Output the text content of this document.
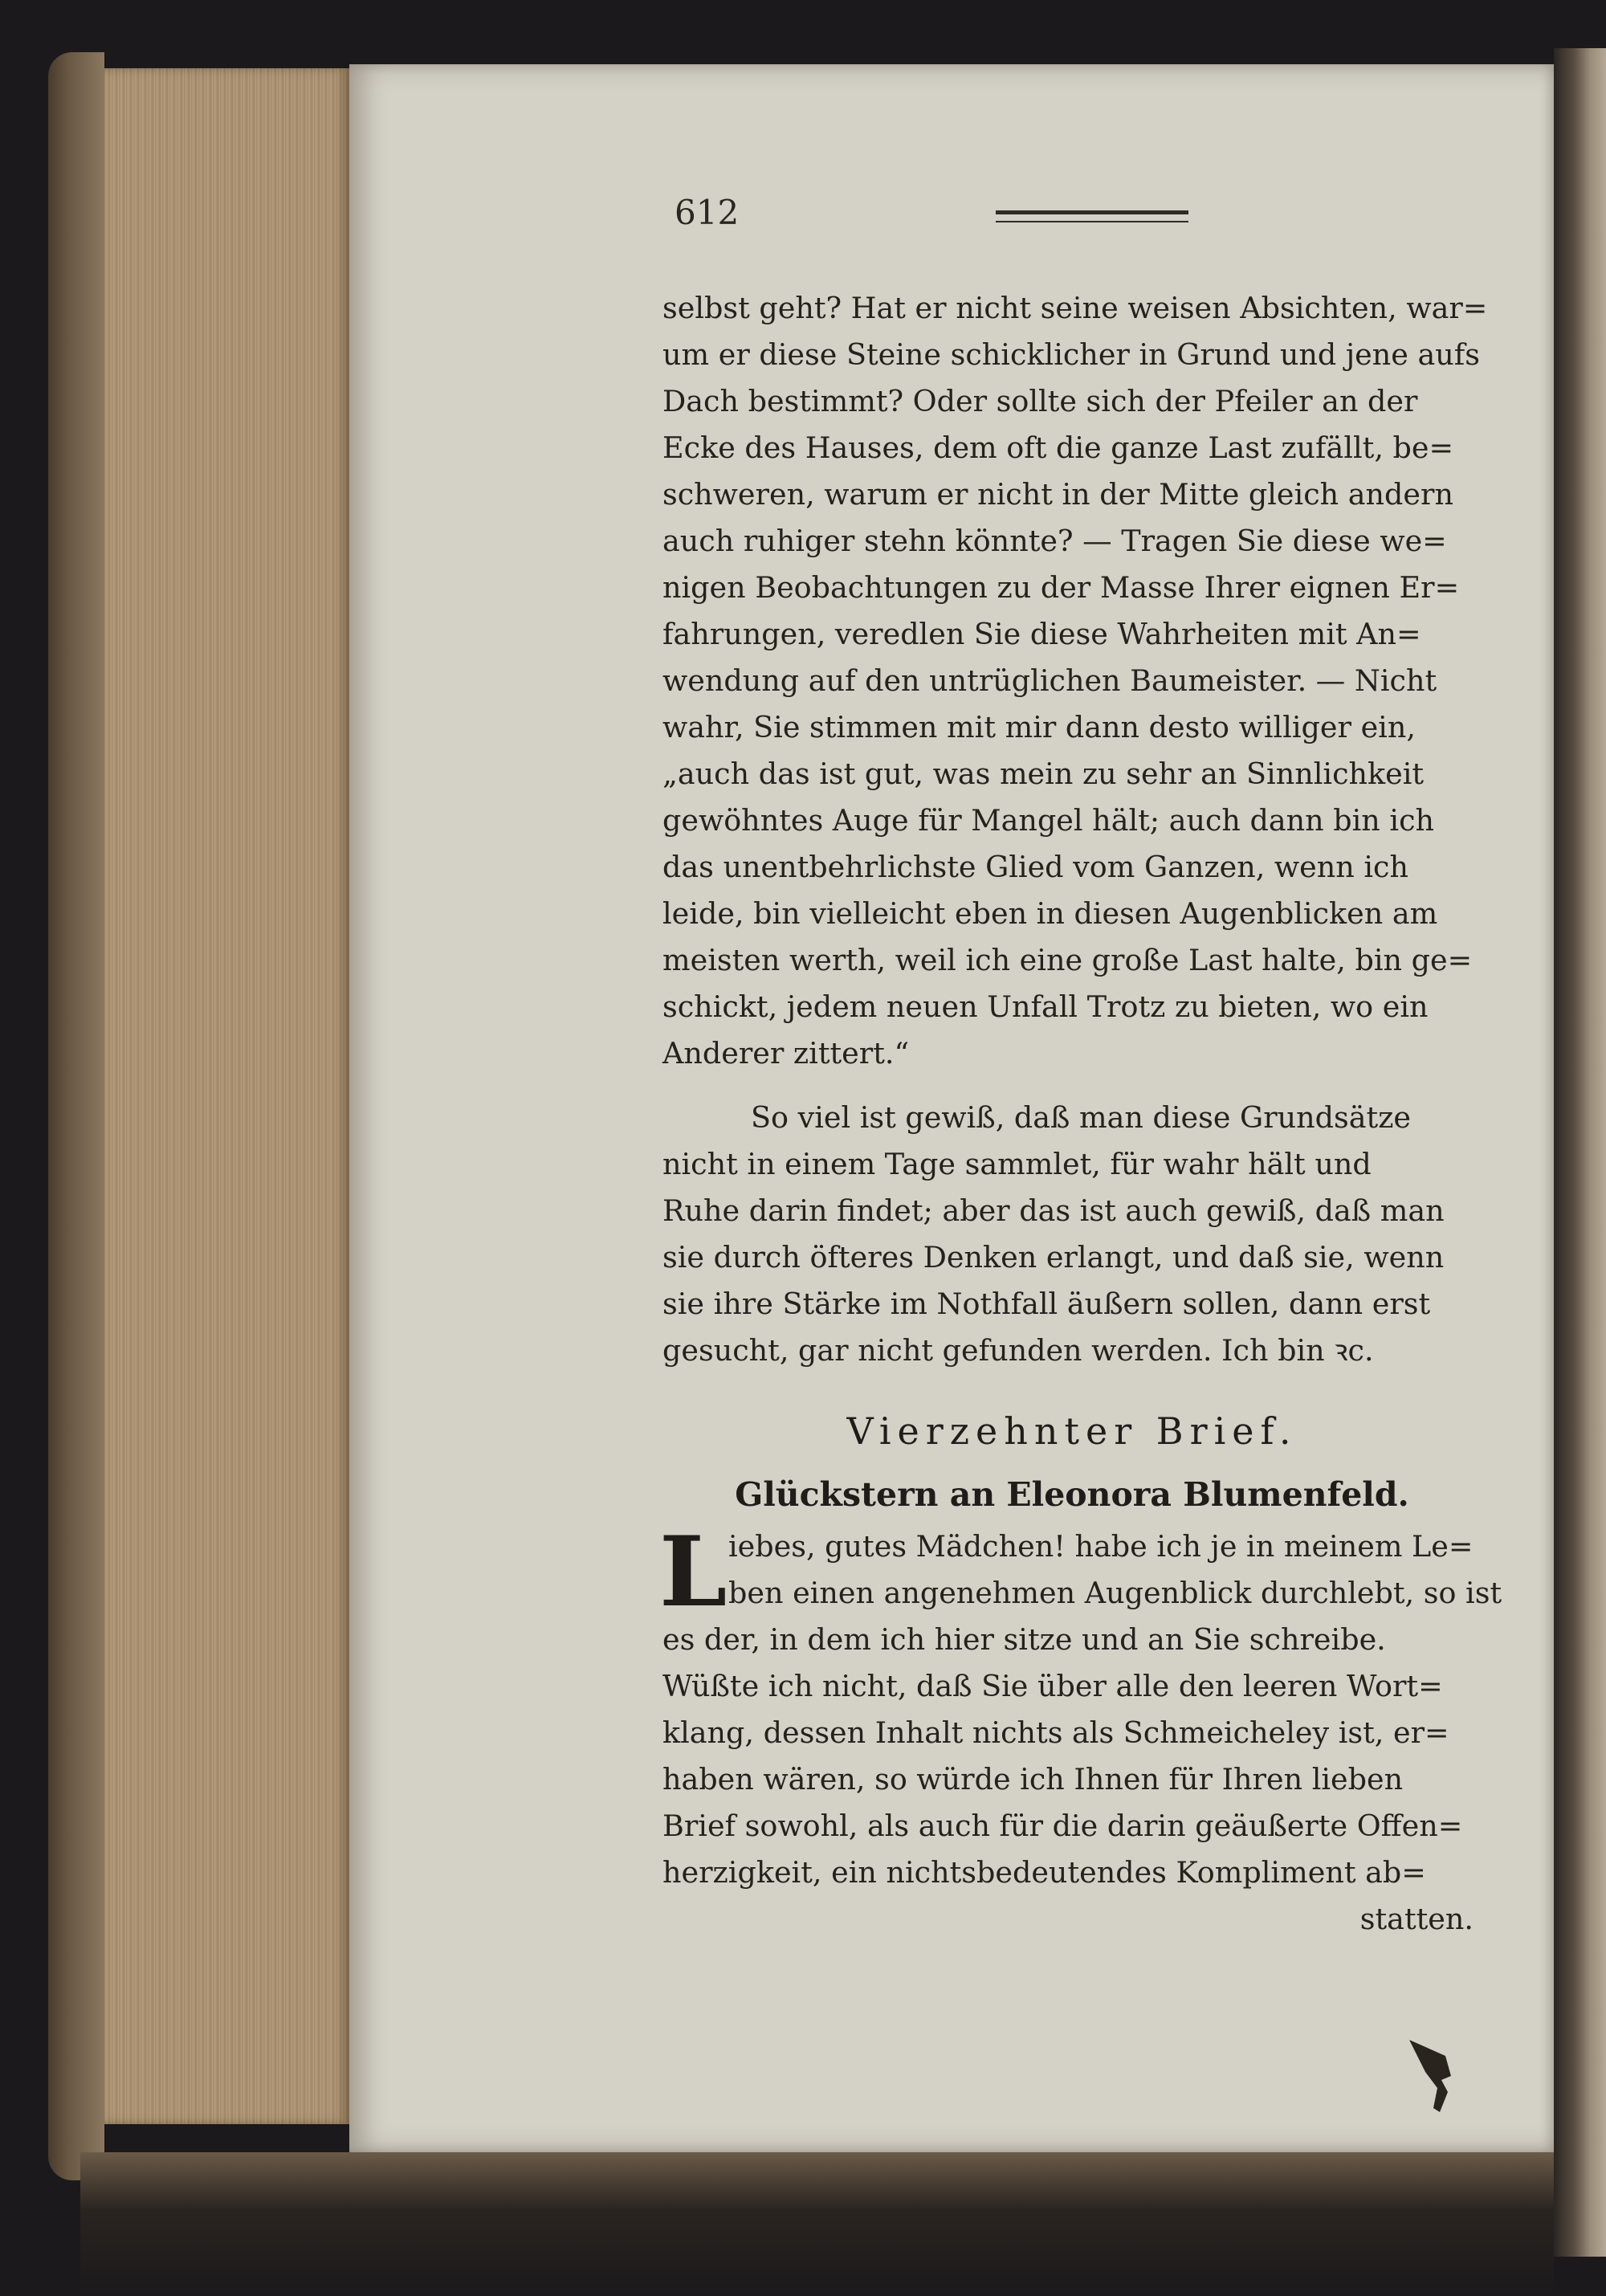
612
selbst geht? Hat er nicht seine weisen Absichten, war=
um er diese Steine schicklicher in Grund und jene aufs
Dach bestimmt? Oder sollte sich der Pfeiler an der
Ecke des Hauses, dem oft die ganze Last zufällt, be=
schweren, warum er nicht in der Mitte gleich andern
auch ruhiger stehn könnte? — Tragen Sie diese we=
nigen Beobachtungen zu der Masse Ihrer eignen Er=
fahrungen, veredlen Sie diese Wahrheiten mit An=
wendung auf den untrüglichen Baumeister. — Nicht
wahr, Sie stimmen mit mir dann desto williger ein,
„auch das ist gut, was mein zu sehr an Sinnlichkeit
gewöhntes Auge für Mangel hält; auch dann bin ich
das unentbehrlichste Glied vom Ganzen, wenn ich
leide, bin vielleicht eben in diesen Augenblicken am
meisten werth, weil ich eine große Last halte, bin ge=
schickt, jedem neuen Unfall Trotz zu bieten, wo ein
Anderer zittert.“
So viel ist gewiß, daß man diese Grundsätze
nicht in einem Tage sammlet, für wahr hält und
Ruhe darin findet; aber das ist auch gewiß, daß man
sie durch öfteres Denken erlangt, und daß sie, wenn
sie ihre Stärke im Nothfall äußern sollen, dann erst
gesucht, gar nicht gefunden werden. Ich bin ꝛc.
Vierzehnter Brief.
Glückstern an Eleonora Blumenfeld.
L iebes, gutes Mädchen! habe ich je in meinem Le=
ben einen angenehmen Augenblick durchlebt, so ist
es der, in dem ich hier sitze und an Sie schreibe.
Wüßte ich nicht, daß Sie über alle den leeren Wort=
klang, dessen Inhalt nichts als Schmeicheley ist, er=
haben wären, so würde ich Ihnen für Ihren lieben
Brief sowohl, als auch für die darin geäußerte Offen=
herzigkeit, ein nichtsbedeutendes Kompliment ab=
statten.
